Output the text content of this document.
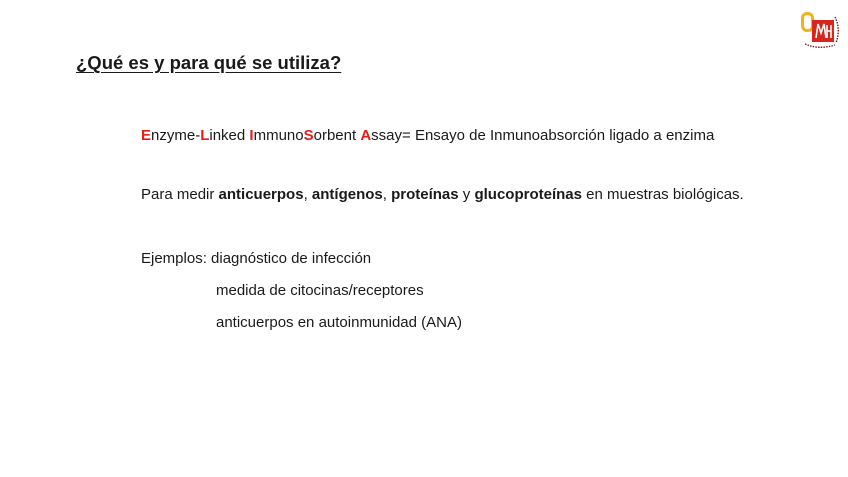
¿Qué es y para qué se utiliza?
Enzyme-Linked ImmunoSorbent Assay= Ensayo de Inmunoabsorción ligado a enzima
Para medir anticuerpos, antígenos, proteínas y glucoproteínas en muestras biológicas.
Ejemplos: diagnóstico de infección
medida de citocinas/receptores
anticuerpos en autoinmunidad (ANA)
